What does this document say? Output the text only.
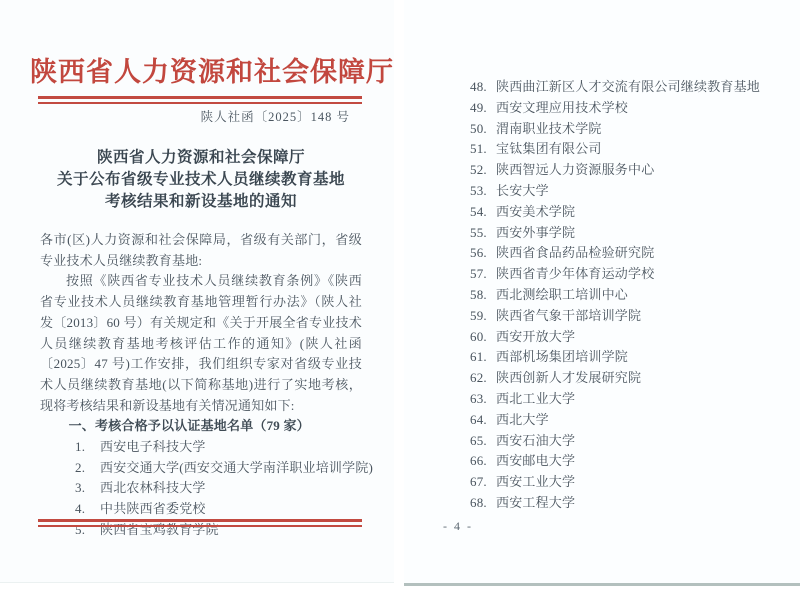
陕西省人力资源和社会保障厅
陕人社函〔2025〕148 号
陕西省人力资源和社会保障厅
关于公布省级专业技术人员继续教育基地
考核结果和新设基地的通知

各市(区)人力资源和社会保障局，省级有关部门，省级专业技术人员继续教育基地:

按照《陕西省专业技术人员继续教育条例》《陕西省专业技术人员继续教育基地管理暂行办法》（陕人社发〔2013〕60 号）有关规定和《关于开展全省专业技术人员继续教育基地考核评估工作的通知》(陕人社函〔2025〕47 号)工作安排，我们组织专家对省级专业技术人员继续教育基地(以下简称基地)进行了实地考核，现将考核结果和新设基地有关情况通知如下:

一、考核合格予以认证基地名单（79 家）

1. 西安电子科技大学
2. 西安交通大学(西安交通大学南洋职业培训学院)
3. 西北农林科技大学
4. 中共陕西省委党校
5. 陕西省宝鸡教育学院
48. 陕西曲江新区人才交流有限公司继续教育基地
49. 西安文理应用技术学校
50. 渭南职业技术学院
51. 宝钛集团有限公司
52. 陕西智远人力资源服务中心
53. 长安大学
54. 西安美术学院
55. 西安外事学院
56. 陕西省食品药品检验研究院
57. 陕西省青少年体育运动学校
58. 西北测绘职工培训中心
59. 陕西省气象干部培训学院
60. 西安开放大学
61. 西部机场集团培训学院
62. 陕西创新人才发展研究院
63. 西北工业大学
64. 西北大学
65. 西安石油大学
66. 西安邮电大学
67. 西安工业大学
68. 西安工程大学
- 4 -
